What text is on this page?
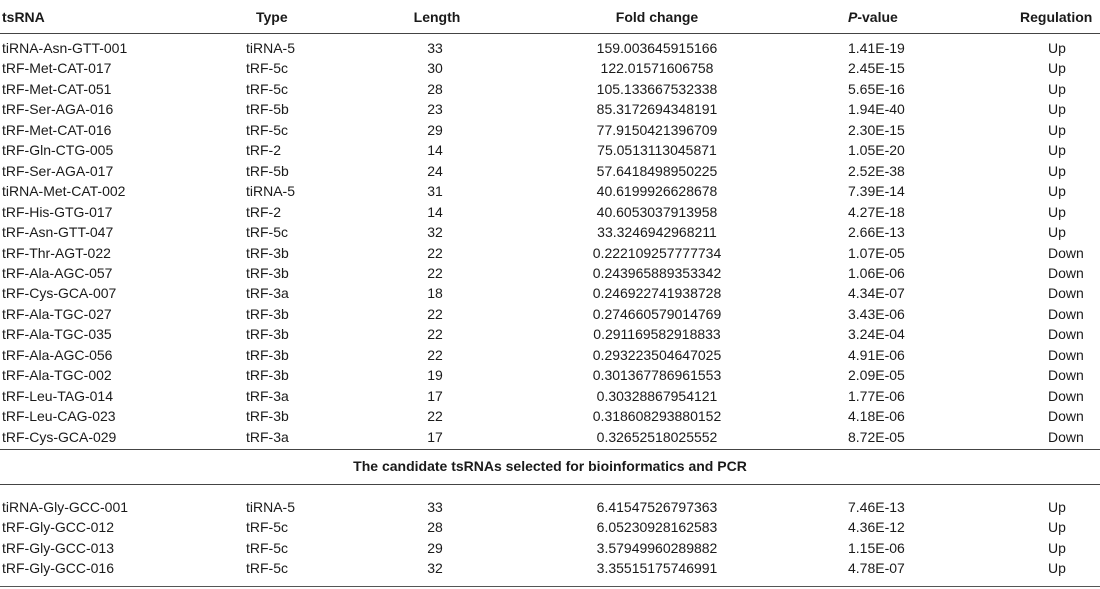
tsRNA	Type	Length	Fold change	P-value	Regulation
tiRNA-Asn-GTT-001	tiRNA-5	33	159.003645915166	1.41E-19	Up
tRF-Met-CAT-017	tRF-5c	30	122.01571606758	2.45E-15	Up
tRF-Met-CAT-051	tRF-5c	28	105.133667532338	5.65E-16	Up
tRF-Ser-AGA-016	tRF-5b	23	85.3172694348191	1.94E-40	Up
tRF-Met-CAT-016	tRF-5c	29	77.9150421396709	2.30E-15	Up
tRF-Gln-CTG-005	tRF-2	14	75.0513113045871	1.05E-20	Up
tRF-Ser-AGA-017	tRF-5b	24	57.6418498950225	2.52E-38	Up
tiRNA-Met-CAT-002	tiRNA-5	31	40.6199926628678	7.39E-14	Up
tRF-His-GTG-017	tRF-2	14	40.6053037913958	4.27E-18	Up
tRF-Asn-GTT-047	tRF-5c	32	33.3246942968211	2.66E-13	Up
tRF-Thr-AGT-022	tRF-3b	22	0.222109257777734	1.07E-05	Down
tRF-Ala-AGC-057	tRF-3b	22	0.243965889353342	1.06E-06	Down
tRF-Cys-GCA-007	tRF-3a	18	0.246922741938728	4.34E-07	Down
tRF-Ala-TGC-027	tRF-3b	22	0.274660579014769	3.43E-06	Down
tRF-Ala-TGC-035	tRF-3b	22	0.291169582918833	3.24E-04	Down
tRF-Ala-AGC-056	tRF-3b	22	0.293223504647025	4.91E-06	Down
tRF-Ala-TGC-002	tRF-3b	19	0.301367786961553	2.09E-05	Down
tRF-Leu-TAG-014	tRF-3a	17	0.30328867954121	1.77E-06	Down
tRF-Leu-CAG-023	tRF-3b	22	0.318608293880152	4.18E-06	Down
tRF-Cys-GCA-029	tRF-3a	17	0.32652518025552	8.72E-05	Down
The candidate tsRNAs selected for bioinformatics and PCR
tiRNA-Gly-GCC-001	tiRNA-5	33	6.41547526797363	7.46E-13	Up
tRF-Gly-GCC-012	tRF-5c	28	6.05230928162583	4.36E-12	Up
tRF-Gly-GCC-013	tRF-5c	29	3.57949960289882	1.15E-06	Up
tRF-Gly-GCC-016	tRF-5c	32	3.35515175746991	4.78E-07	Up
